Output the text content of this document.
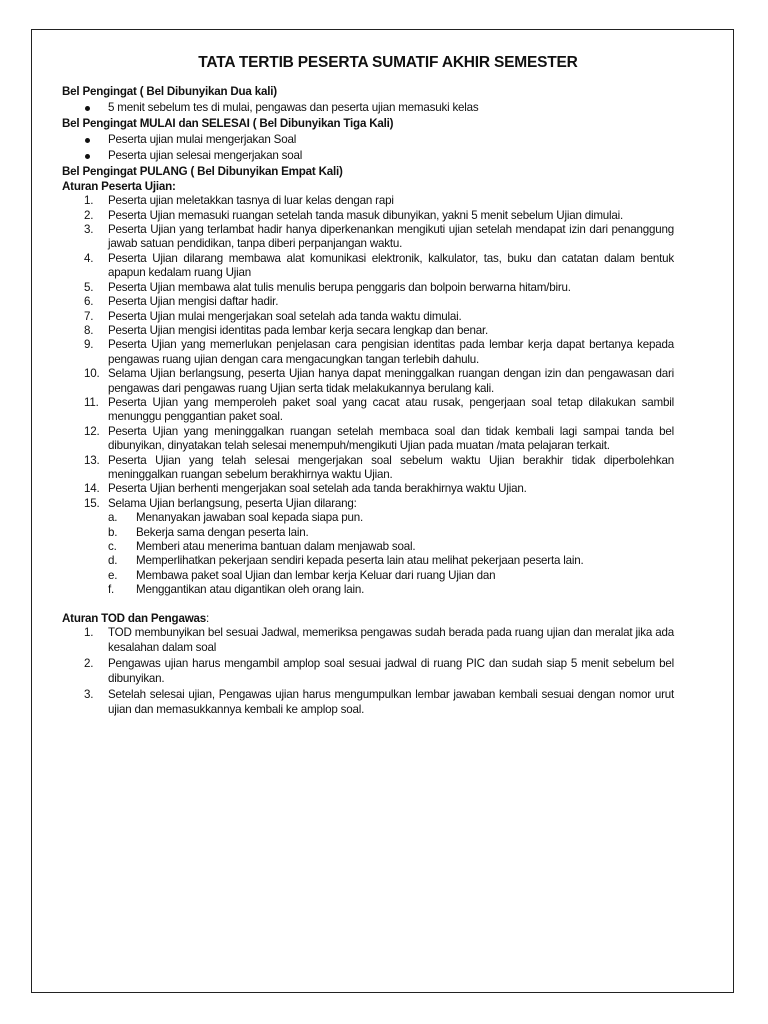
TATA TERTIB PESERTA SUMATIF AKHIR SEMESTER
Bel Pengingat ( Bel Dibunyikan Dua kali)
5 menit sebelum tes di mulai, pengawas dan peserta ujian memasuki kelas
Bel Pengingat MULAI dan SELESAI ( Bel Dibunyikan Tiga Kali)
Peserta ujian mulai mengerjakan Soal
Peserta ujian selesai mengerjakan soal
Bel Pengingat PULANG ( Bel Dibunyikan Empat Kali)
Aturan Peserta Ujian:
1. Peserta ujian meletakkan tasnya di luar kelas dengan rapi
2. Peserta Ujian memasuki ruangan setelah tanda masuk dibunyikan, yakni 5 menit sebelum Ujian dimulai.
3. Peserta Ujian yang terlambat hadir hanya diperkenankan mengikuti ujian setelah mendapat izin dari penanggung jawab satuan pendidikan, tanpa diberi perpanjangan waktu.
4. Peserta Ujian dilarang membawa alat komunikasi elektronik, kalkulator, tas, buku dan catatan dalam bentuk apapun kedalam ruang Ujian
5. Peserta Ujian membawa alat tulis menulis berupa penggaris dan bolpoin berwarna hitam/biru.
6. Peserta Ujian mengisi daftar hadir.
7. Peserta Ujian mulai mengerjakan soal setelah ada tanda waktu dimulai.
8. Peserta Ujian mengisi identitas pada lembar kerja secara lengkap dan benar.
9. Peserta Ujian yang memerlukan penjelasan cara pengisian identitas pada lembar kerja dapat bertanya kepada pengawas ruang ujian dengan cara mengacungkan tangan terlebih dahulu.
10. Selama Ujian berlangsung, peserta Ujian hanya dapat meninggalkan ruangan dengan izin dan pengawasan dari pengawas dari pengawas ruang Ujian serta tidak melakukannya berulang kali.
11. Peserta Ujian yang memperoleh paket soal yang cacat atau rusak, pengerjaan soal tetap dilakukan sambil menunggu penggantian paket soal.
12. Peserta Ujian yang meninggalkan ruangan setelah membaca soal dan tidak kembali lagi sampai tanda bel dibunyikan, dinyatakan telah selesai menempuh/mengikuti Ujian pada muatan /mata pelajaran terkait.
13. Peserta Ujian yang telah selesai mengerjakan soal sebelum waktu Ujian berakhir tidak diperbolehkan meninggalkan ruangan sebelum berakhirnya waktu Ujian.
14. Peserta Ujian berhenti mengerjakan soal setelah ada tanda berakhirnya waktu Ujian.
15. Selama Ujian berlangsung, peserta Ujian dilarang:
a. Menanyakan jawaban soal kepada siapa pun.
b. Bekerja sama dengan peserta lain.
c. Memberi atau menerima bantuan dalam menjawab soal.
d. Memperlihatkan pekerjaan sendiri kepada peserta lain atau melihat pekerjaan peserta lain.
e. Membawa paket soal Ujian dan lembar kerja Keluar dari ruang Ujian dan
f. Menggantikan atau digantikan oleh orang lain.
Aturan TOD dan Pengawas:
1. TOD membunyikan bel sesuai Jadwal, memeriksa pengawas sudah berada pada ruang ujian dan meralat jika ada kesalahan dalam soal
2. Pengawas ujian harus mengambil amplop soal sesuai jadwal di ruang PIC dan sudah siap 5 menit sebelum bel dibunyikan.
3. Setelah selesai ujian, Pengawas ujian harus mengumpulkan lembar jawaban kembali sesuai dengan nomor urut ujian dan memasukkannya kembali ke amplop soal.
